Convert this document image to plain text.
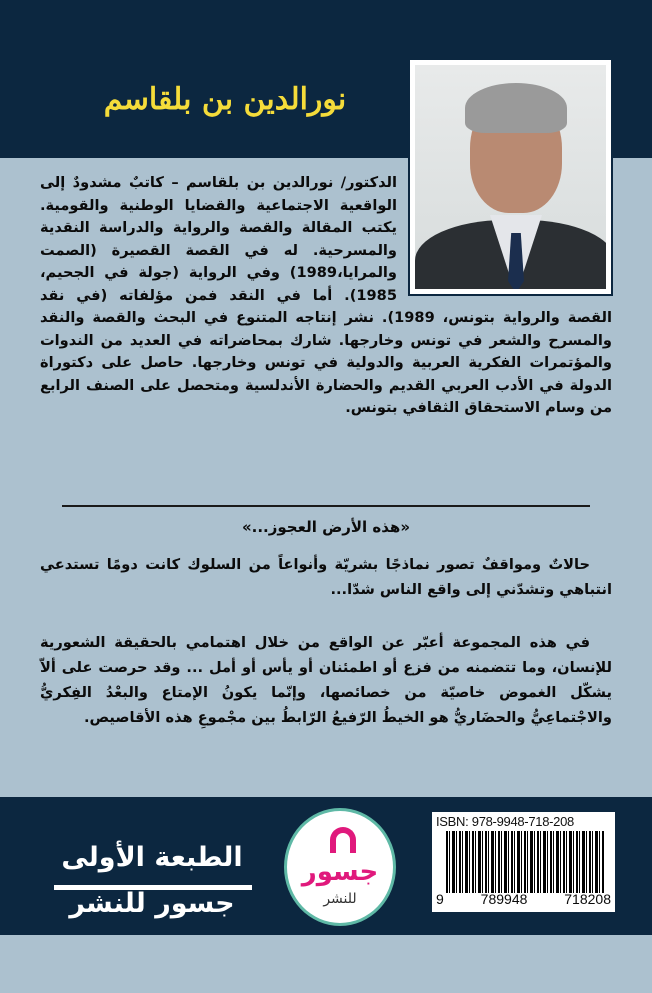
نورالدين بن بلقاسم
الدكتور/ نورالدين بن بلقاسم – كاتبٌ مشدودٌ إلى الواقعية الاجتماعية والقضايا الوطنية والقومية. يكتب المقالة والقصة والرواية والدراسة النقدية والمسرحية. له في القصة القصيرة (الصمت والمرايا،1989) وفي الرواية (جولة في الجحيم، 1985). أما في النقد فمن مؤلفاته (في نقد القصة والرواية بتونس، 1989). نشر إنتاجه المتنوع في البحث والقصة والنقد والمسرح والشعر في تونس وخارجها. شارك بمحاضراته في العديد من الندوات والمؤتمرات الفكرية العربية والدولية في تونس وخارجها. حاصل على دكتوراة الدولة في الأدب العربي القديم والحضارة الأندلسية ومتحصل على الصنف الرابع من وسام الاستحقاق الثقافي بتونس.
«هذه الأرض العجوز...»

حالاتٌ ومواقفٌ تصور نماذجًا بشريّة وأنواعاً من السلوك كانت دومًا تستدعي انتباهي وتشدّني إلى واقع الناس شدّا...

في هذه المجموعة أعبّر عن الواقع من خلال اهتمامي بالحقيقة الشعورية للإنسان، وما تتضمنه من فزع أو اطمئنان أو يأس أو أمل ... وقد حرصت على ألاّ يشكّل الغموض خاصيّة من خصائصها، وإنّما يكونُ الإمتاع والبعْدُ الفِكريُّ والاجْتماعِيُّ والحضَاريُّ هو الخيطُ الرّفيعُ الرّابطُ بين مجْموعِ هذه الأقاصيص.

الطبعة الأولى
جسور للنشر
جسور
للنشر
ISBN: 978-9948-718-208
9	789948	718208
